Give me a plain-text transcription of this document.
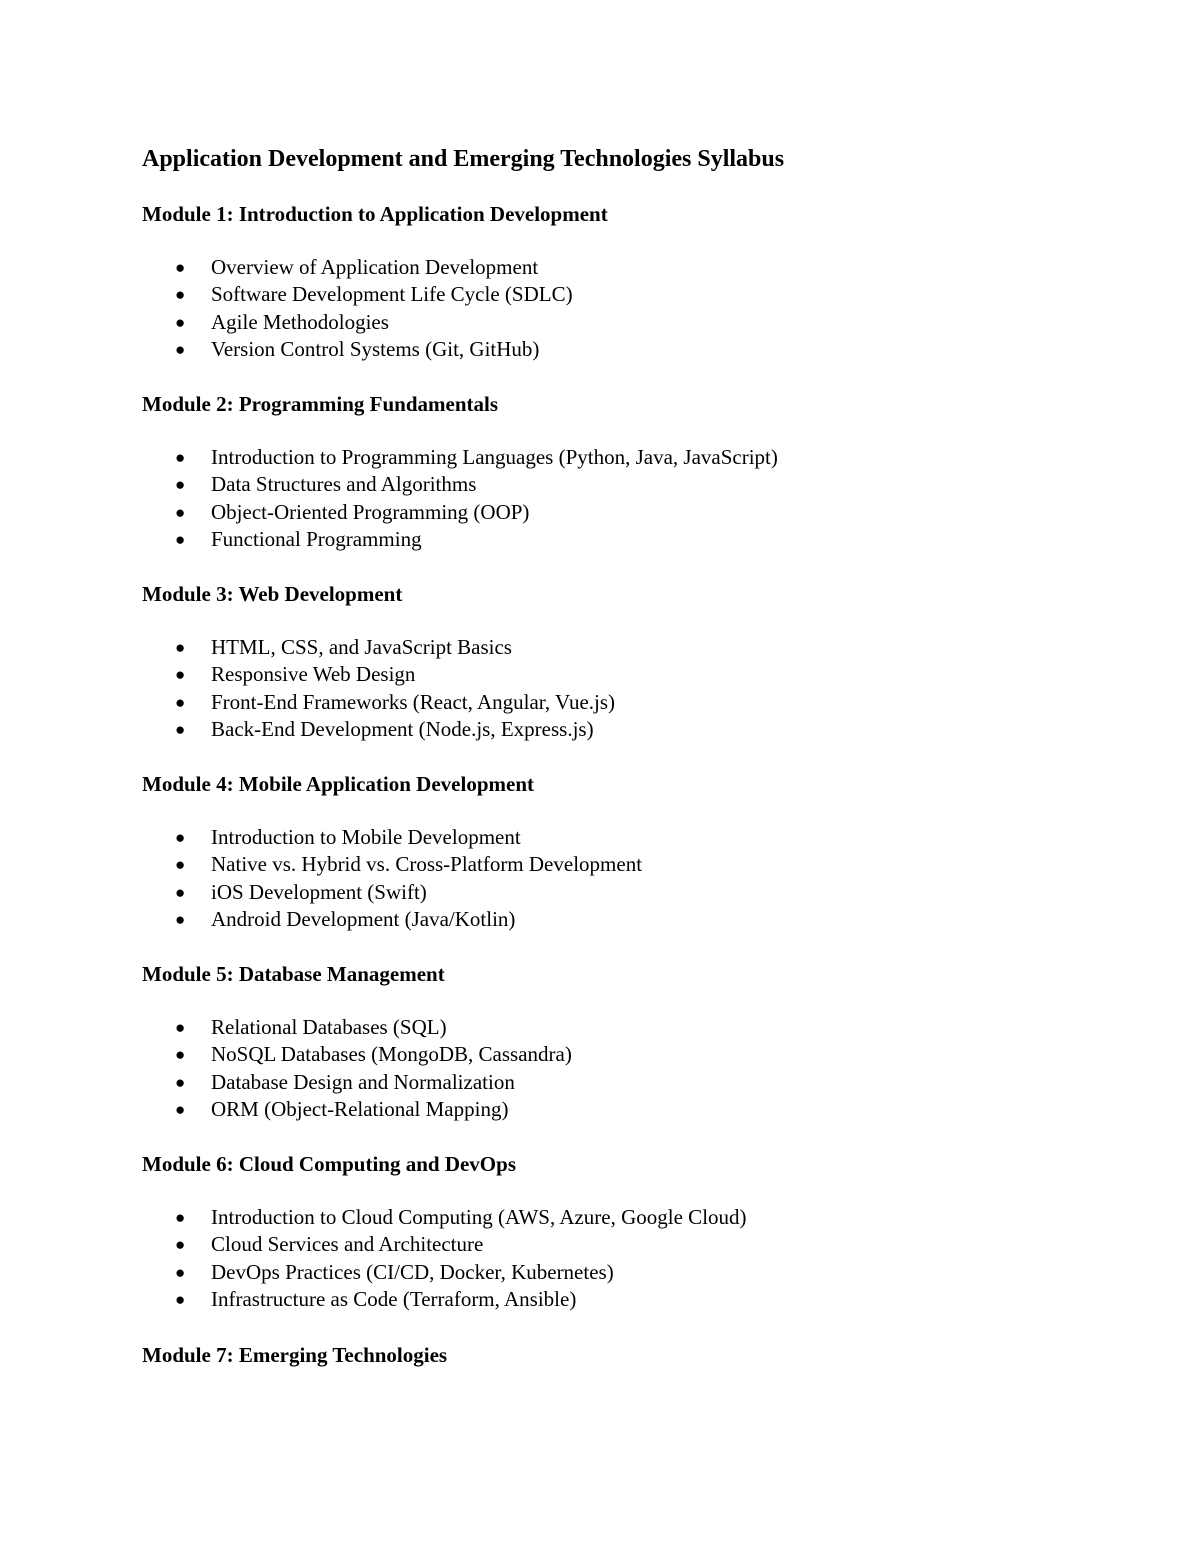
Application Development and Emerging Technologies Syllabus
Module 1: Introduction to Application Development
● Overview of Application Development
● Software Development Life Cycle (SDLC)
● Agile Methodologies
● Version Control Systems (Git, GitHub)
Module 2: Programming Fundamentals
● Introduction to Programming Languages (Python, Java, JavaScript)
● Data Structures and Algorithms
● Object-Oriented Programming (OOP)
● Functional Programming
Module 3: Web Development
● HTML, CSS, and JavaScript Basics
● Responsive Web Design
● Front-End Frameworks (React, Angular, Vue.js)
● Back-End Development (Node.js, Express.js)
Module 4: Mobile Application Development
● Introduction to Mobile Development
● Native vs. Hybrid vs. Cross-Platform Development
● iOS Development (Swift)
● Android Development (Java/Kotlin)
Module 5: Database Management
● Relational Databases (SQL)
● NoSQL Databases (MongoDB, Cassandra)
● Database Design and Normalization
● ORM (Object-Relational Mapping)
Module 6: Cloud Computing and DevOps
● Introduction to Cloud Computing (AWS, Azure, Google Cloud)
● Cloud Services and Architecture
● DevOps Practices (CI/CD, Docker, Kubernetes)
● Infrastructure as Code (Terraform, Ansible)
Module 7: Emerging Technologies
